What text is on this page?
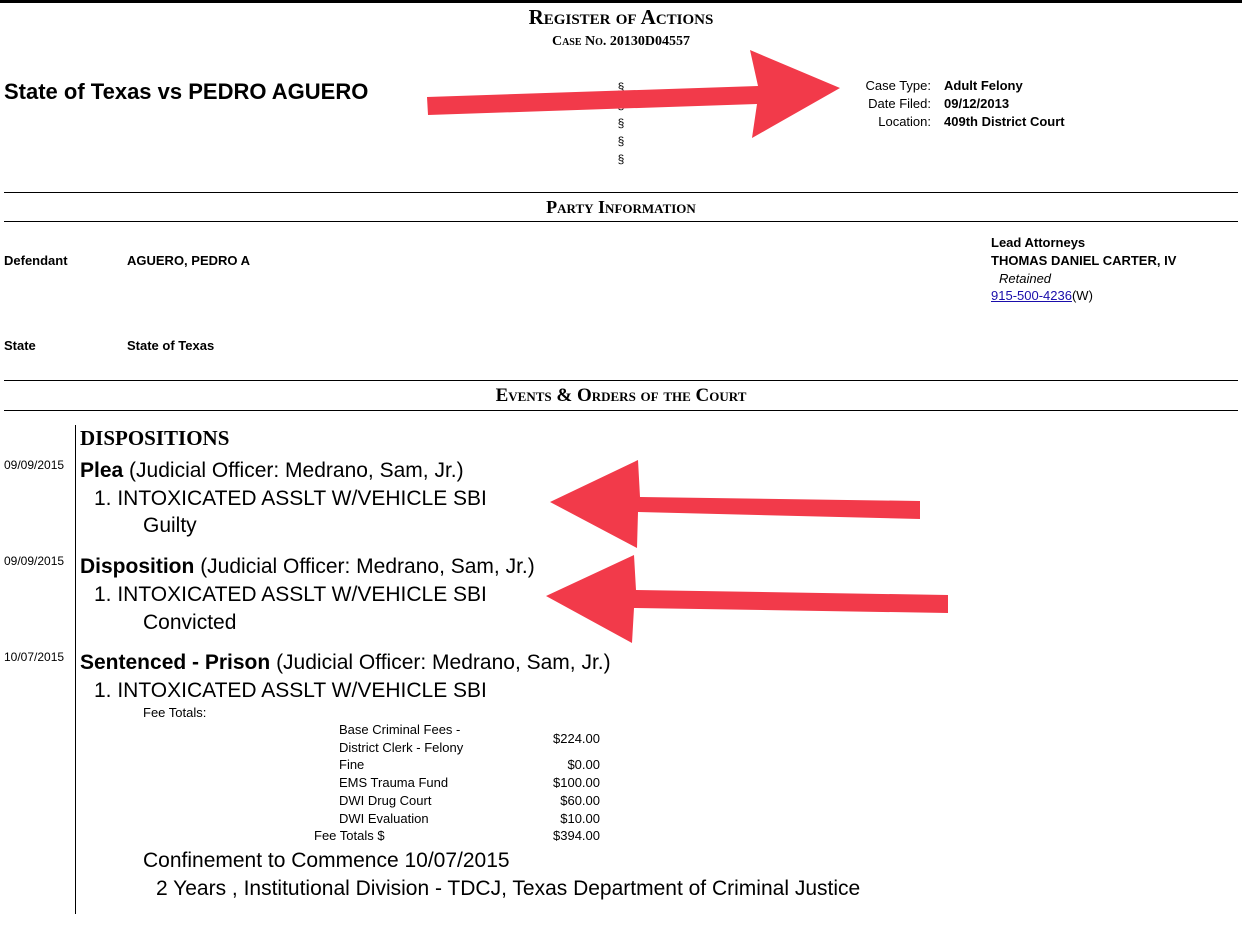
Register of Actions
Case No. 20130D04557
State of Texas vs PEDRO AGUERO	§
§
§
§
Case Type: Adult Felony
Date Filed: 09/12/2013
Location: 409th District Court
Party Information
Defendant	AGUERO, PEDRO A
Lead Attorneys
THOMAS DANIEL CARTER, IV
Retained
915-500-4236(W)
State	State of Texas
Events & Orders of the Court
DISPOSITIONS
09/09/2015 Plea (Judicial Officer: Medrano, Sam, Jr.)
1. INTOXICATED ASSLT W/VEHICLE SBI
Guilty
09/09/2015 Disposition (Judicial Officer: Medrano, Sam, Jr.)
1. INTOXICATED ASSLT W/VEHICLE SBI
Convicted
10/07/2015 Sentenced - Prison (Judicial Officer: Medrano, Sam, Jr.)
1. INTOXICATED ASSLT W/VEHICLE SBI
Fee Totals:
Base Criminal Fees -
District Clerk - Felony
$224.00
Fine	$0.00
EMS Trauma Fund	$100.00
DWI Drug Court	$60.00
DWI Evaluation	$10.00
Fee Totals $	$394.00
Confinement to Commence 10/07/2015
2 Years , Institutional Division - TDCJ, Texas Department of Criminal Justice
